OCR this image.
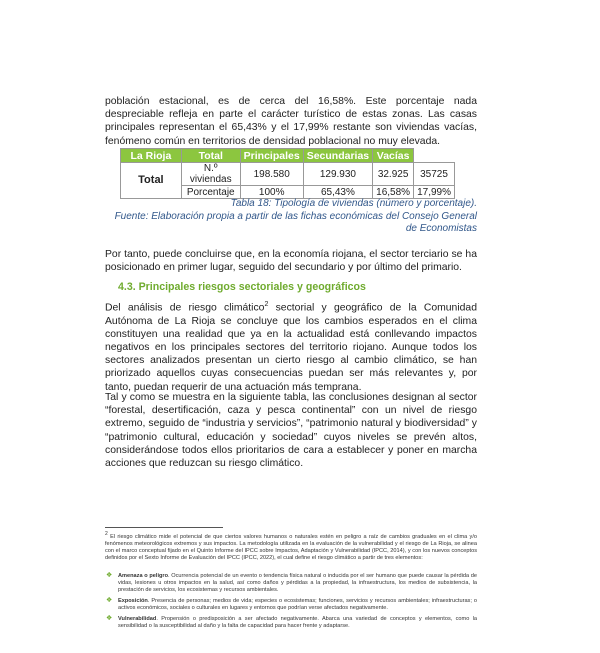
población estacional, es de cerca del 16,58%. Este porcentaje nada despreciable refleja en parte el carácter turístico de estas zonas. Las casas principales representan el 65,43% y el 17,99% restante son viviendas vacías, fenómeno común en territorios de densidad poblacional no muy elevada.

La Rioja	Total	Principales	Secundarias	Vacías	
Total	N.º viviendas	198.580	129.930	32.925	35725
	Porcentaje	100%	65,43%	16,58%	17,99%

Tabla 18: Tipología de viviendas (número y porcentaje).
Fuente: Elaboración propia a partir de las fichas económicas del Consejo General de Economistas

Por tanto, puede concluirse que, en la economía riojana, el sector terciario se ha posicionado en primer lugar, seguido del secundario y por último del primario.

4.3. Principales riesgos sectoriales y geográficos

Del análisis de riesgo climático$^2$ sectorial y geográfico de la Comunidad Autónoma de La Rioja se concluye que los cambios esperados en el clima constituyen una realidad que ya en la actualidad está conllevando impactos negativos en los principales sectores del territorio riojano. Aunque todos los sectores analizados presentan un cierto riesgo al cambio climático, se han priorizado aquellos cuyas consecuencias puedan ser más relevantes y, por tanto, puedan requerir de una actuación más temprana.

Tal y como se muestra en la siguiente tabla, las conclusiones designan al sector “forestal, desertificación, caza y pesca continental” con un nivel de riesgo extremo, seguido de “industria y servicios”, “patrimonio natural y biodiversidad” y “patrimonio cultural, educación y sociedad” cuyos niveles se prevén altos, considerándose todos ellos prioritarios de cara a establecer y poner en marcha acciones que reduzcan su riesgo climático.

$^2$ El riesgo climático mide el potencial de que ciertos valores humanos o naturales estén en peligro a raíz de cambios graduales en el clima y/o fenómenos meteorológicos extremos y sus impactos. La metodología utilizada en la evaluación de la vulnerabilidad y el riesgo de La Rioja, se alinea con el marco conceptual fijado en el Quinto Informe del IPCC sobre Impactos, Adaptación y Vulnerabilidad (IPCC, 2014), y con los nuevos conceptos definidos por el Sexto Informe de Evaluación del IPCC (IPCC, 2022), el cual define el riesgo climático a partir de tres elementos:

❖ Amenaza o peligro. Ocurrencia potencial de un evento o tendencia física natural o inducida por el ser humano que puede causar la pérdida de vidas, lesiones u otros impactos en la salud, así como daños y pérdidas a la propiedad, la infraestructura, los medios de subsistencia, la prestación de servicios, los ecosistemas y recursos ambientales.

❖ Exposición. Presencia de personas; medios de vida; especies o ecosistemas; funciones, servicios y recursos ambientales; infraestructuras; o activos económicos, sociales o culturales en lugares y entornos que podrían verse afectados negativamente.

❖ Vulnerabilidad. Propensión o predisposición a ser afectado negativamente. Abarca una variedad de conceptos y elementos, como la sensibilidad o la susceptibilidad al daño y la falta de capacidad para hacer frente y adaptarse.
